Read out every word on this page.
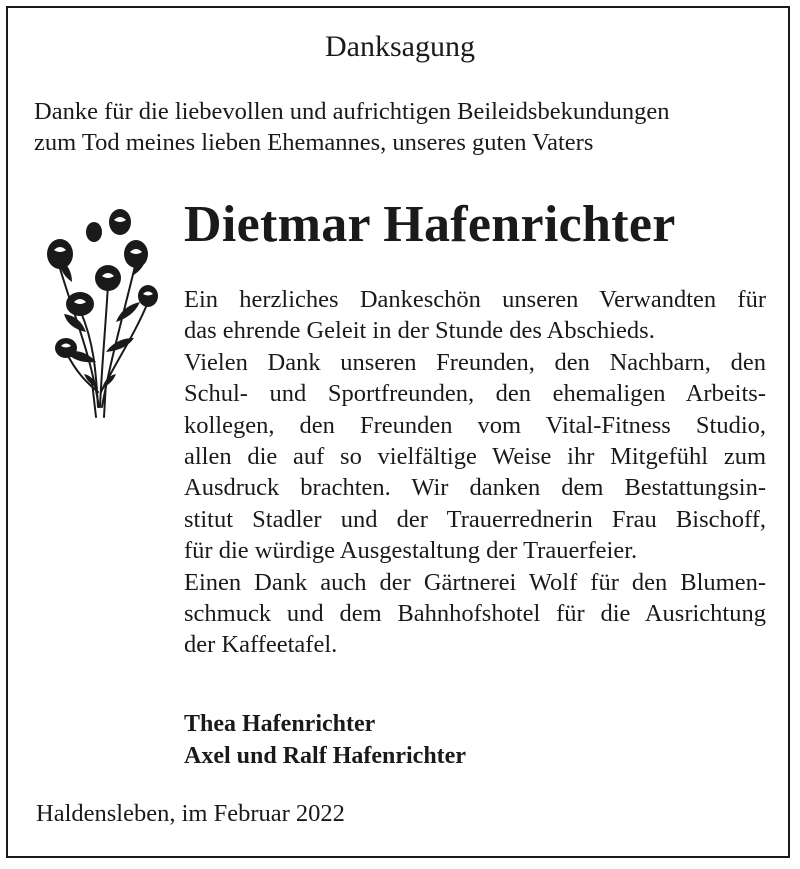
Danksagung
Danke für die liebevollen und aufrichtigen Beileidsbekundungen
zum Tod meines lieben Ehemannes, unseres guten Vaters
Dietmar Hafenrichter
Ein herzliches Dankeschön unseren Verwandten für
das ehrende Geleit in der Stunde des Abschieds.
Vielen Dank unseren Freunden, den Nachbarn, den
Schul- und Sportfreunden, den ehemaligen Arbeits-
kollegen, den Freunden vom Vital-Fitness Studio,
allen die auf so vielfältige Weise ihr Mitgefühl zum
Ausdruck brachten. Wir danken dem Bestattungsin-
stitut Stadler und der Trauerrednerin Frau Bischoff,
für die würdige Ausgestaltung der Trauerfeier.
Einen Dank auch der Gärtnerei Wolf für den Blumen-
schmuck und dem Bahnhofshotel für die Ausrichtung
der Kaffeetafel.
Thea Hafenrichter
Axel und Ralf Hafenrichter
Haldensleben, im Februar 2022
